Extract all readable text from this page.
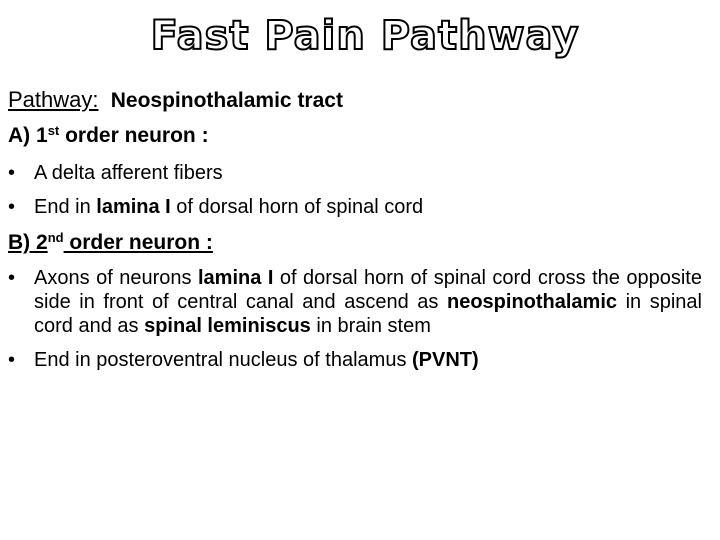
Fast Pain Pathway
Pathway: Neospinothalamic tract
A) 1st order neuron :
• A delta afferent fibers
• End in lamina I of dorsal horn of spinal cord
B) 2nd order neuron :
• Axons of neurons lamina I of dorsal horn of spinal cord cross the opposite side in front of central canal and ascend as neospinothalamic in spinal cord and as spinal leminiscus in brain stem
• End in posteroventral nucleus of thalamus (PVNT)
